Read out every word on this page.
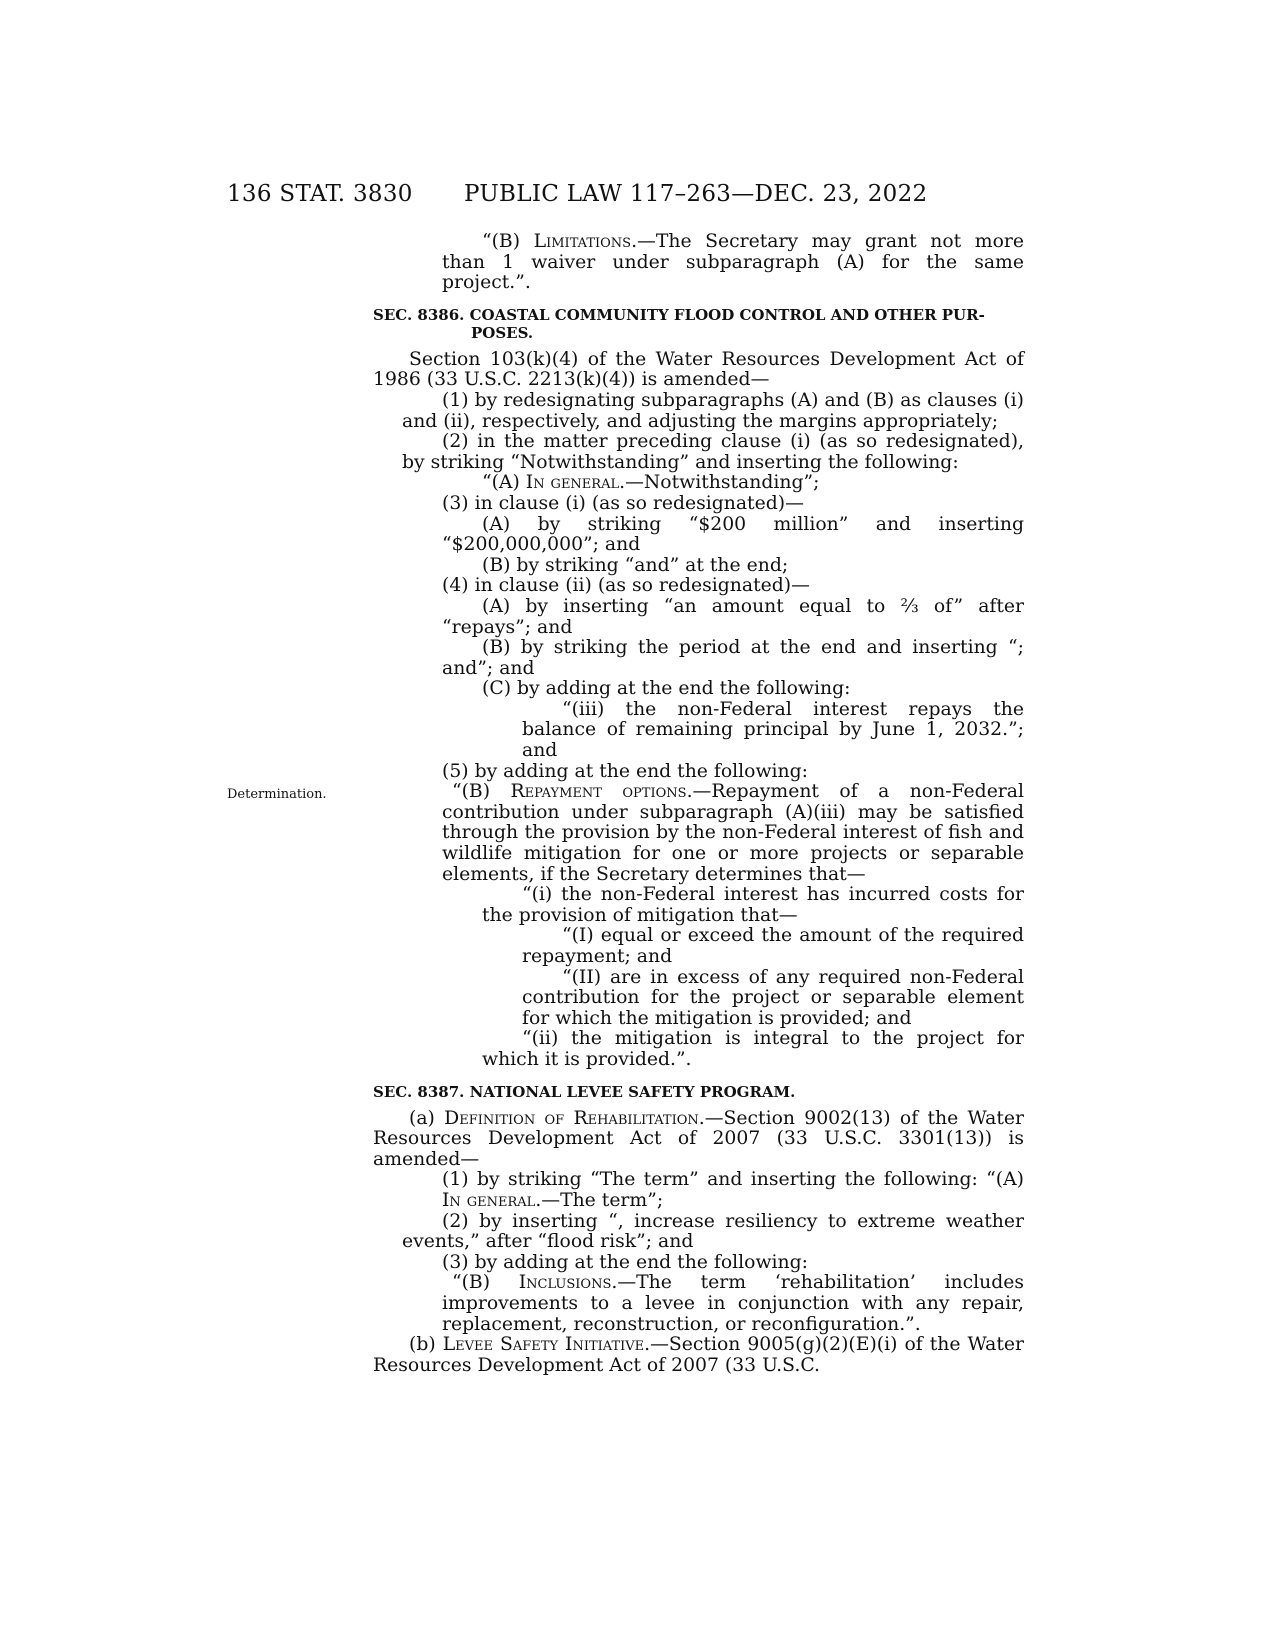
136 STAT. 3830 PUBLIC LAW 117–263—DEC. 23, 2022
Determination.

“(B) Limitations.—The Secretary may grant not more than 1 waiver under subparagraph (A) for the same project.”.

SEC. 8386. COASTAL COMMUNITY FLOOD CONTROL AND OTHER PUR-
POSES.

Section 103(k)(4) of the Water Resources Development Act of 1986 (33 U.S.C. 2213(k)(4)) is amended—

(1) by redesignating subparagraphs (A) and (B) as clauses (i) and (ii), respectively, and adjusting the margins appropriately;

(2) in the matter preceding clause (i) (as so redesignated), by striking “Notwithstanding” and inserting the following:

“(A) In general.—Notwithstanding”;

(3) in clause (i) (as so redesignated)—

(A) by striking “$200 million” and inserting “$200,000,000”; and

(B) by striking “and” at the end;

(4) in clause (ii) (as so redesignated)—

(A) by inserting “an amount equal to ⅔ of” after “repays”; and

(B) by striking the period at the end and inserting “; and”; and

(C) by adding at the end the following:

“(iii) the non-Federal interest repays the balance of remaining principal by June 1, 2032.”; and

(5) by adding at the end the following:

“(B) Repayment options.—Repayment of a non-Federal contribution under subparagraph (A)(iii) may be satisfied through the provision by the non-Federal interest of fish and wildlife mitigation for one or more projects or separable elements, if the Secretary determines that—

“(i) the non-Federal interest has incurred costs for the provision of mitigation that—

“(I) equal or exceed the amount of the required repayment; and

“(II) are in excess of any required non-Federal contribution for the project or separable element for which the mitigation is provided; and

“(ii) the mitigation is integral to the project for which it is provided.”.

SEC. 8387. NATIONAL LEVEE SAFETY PROGRAM.

(a) Definition of Rehabilitation.—Section 9002(13) of the Water Resources Development Act of 2007 (33 U.S.C. 3301(13)) is amended—

(1) by striking “The term” and inserting the following: “(A) In general.—The term”;

(2) by inserting “, increase resiliency to extreme weather events,” after “flood risk”; and

(3) by adding at the end the following:

“(B) Inclusions.—The term ‘rehabilitation’ includes improvements to a levee in conjunction with any repair, replacement, reconstruction, or reconfiguration.”.

(b) Levee Safety Initiative.—Section 9005(g)(2)(E)(i) of the Water Resources Development Act of 2007 (33 U.S.C.
